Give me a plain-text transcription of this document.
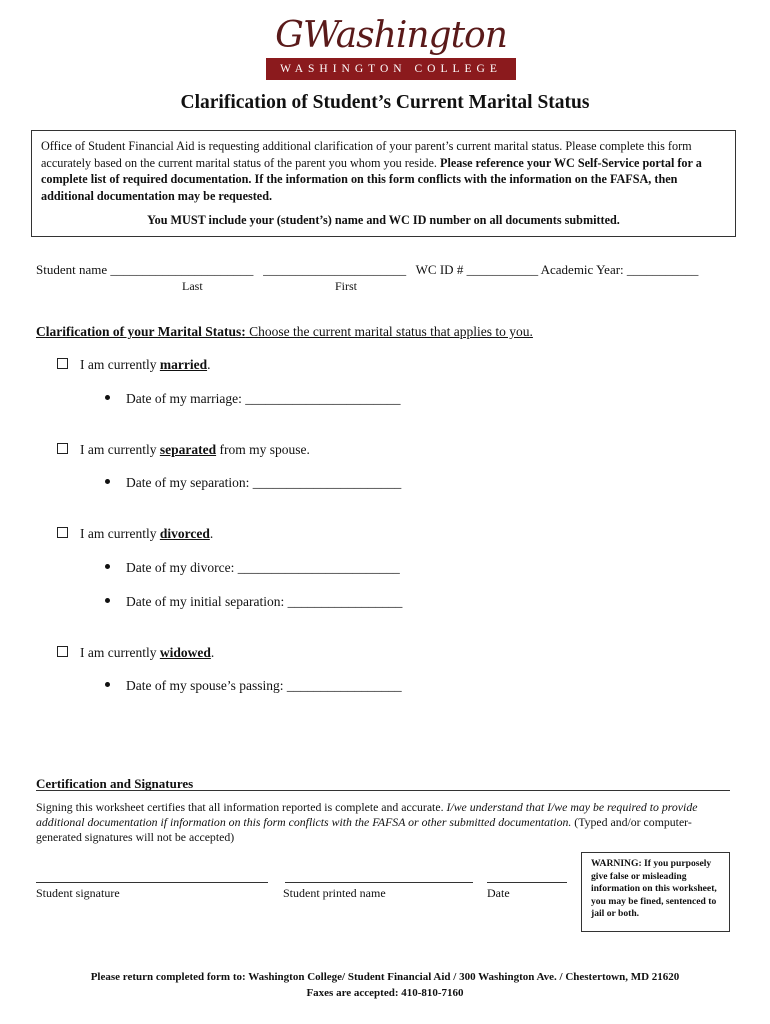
GWashington
WASHINGTON COLLEGE
Clarification of Student’s Current Marital Status
Office of Student Financial Aid is requesting additional clarification of your parent’s current marital status. Please complete this form accurately based on the current marital status of the parent you whom you reside. Please reference your WC Self-Service portal for a complete list of required documentation. If the information on this form conflicts with the information on the FAFSA, then additional documentation may be requested.
You MUST include your (student’s) name and WC ID number on all documents submitted.
Student name ______________________ ______________________ WC ID # ___________ Academic Year: ___________
Last	First
Clarification of your Marital Status: Choose the current marital status that applies to you.
I am currently married.
Date of my marriage: _______________________
I am currently separated from my spouse.
Date of my separation: ______________________
I am currently divorced.
Date of my divorce: ________________________
Date of my initial separation: _________________
I am currently widowed.
Date of my spouse’s passing: _________________
Certification and Signatures
Signing this worksheet certifies that all information reported is complete and accurate. I/we understand that I/we may be required to provide additional documentation if information on this form conflicts with the FAFSA or other submitted documentation. (Typed and/or computer-generated signatures will not be accepted)
Student signature	Student printed name	Date
WARNING: If you purposely give false or misleading information on this worksheet, you may be fined, sentenced to jail or both.
Please return completed form to: Washington College/ Student Financial Aid / 300 Washington Ave. / Chestertown, MD 21620
Faxes are accepted: 410-810-7160
